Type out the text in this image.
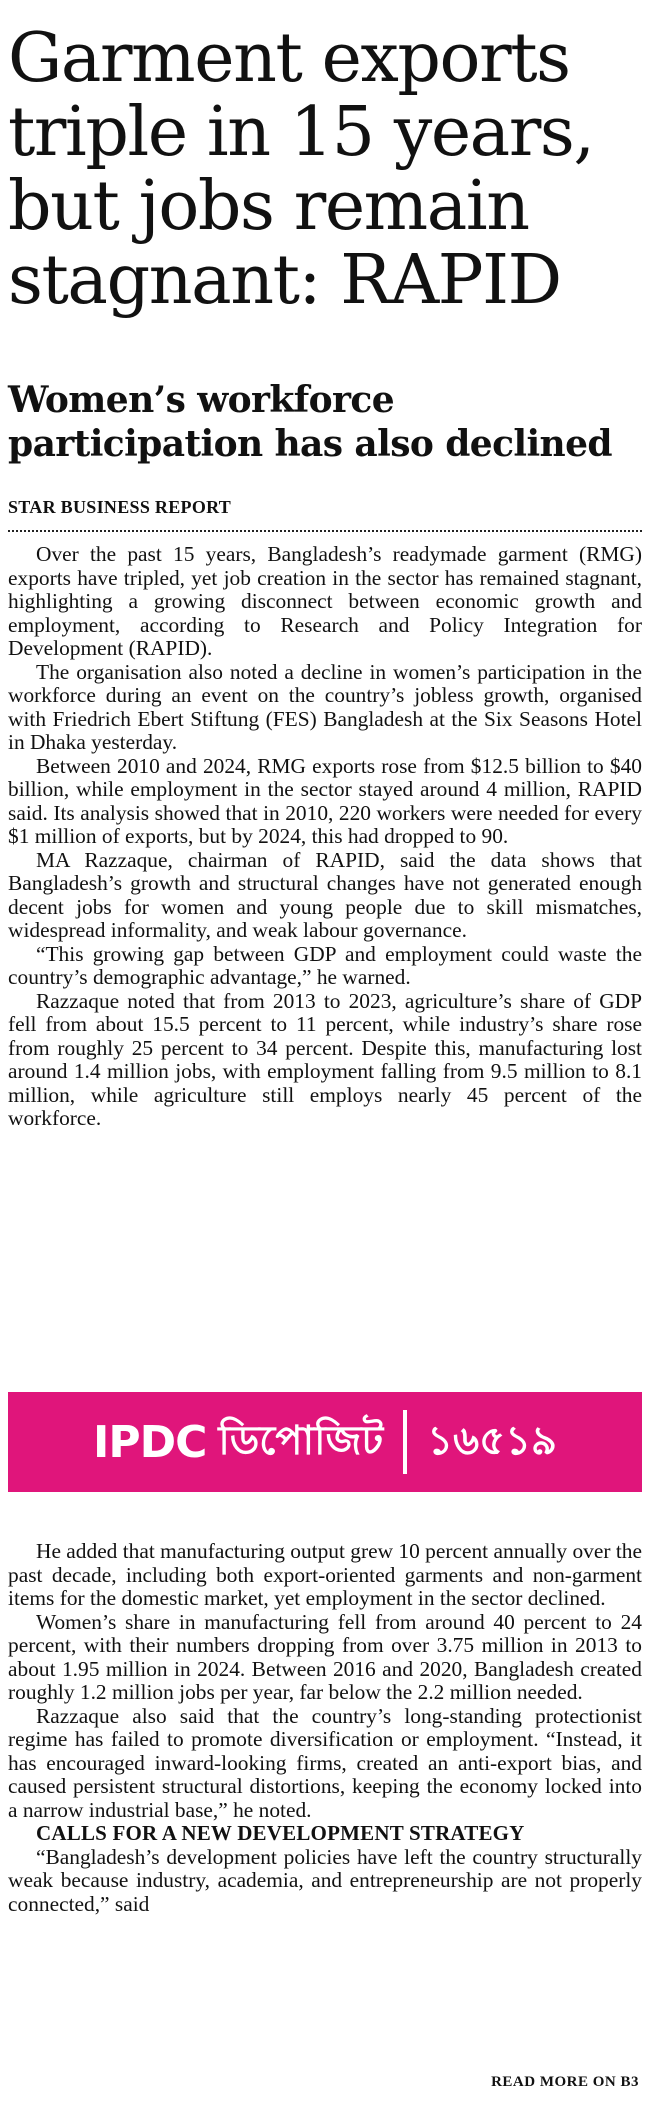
Garment exports triple in 15 years, but jobs remain stagnant: RAPID
Women’s workforce participation has also declined
STAR BUSINESS REPORT

Over the past 15 years, Bangladesh’s readymade garment (RMG) exports have tripled, yet job creation in the sector has remained stagnant, highlighting a growing disconnect between economic growth and employment, according to Research and Policy Integration for Development (RAPID).

The organisation also noted a decline in women’s participation in the workforce during an event on the country’s jobless growth, organised with Friedrich Ebert Stiftung (FES) Bangladesh at the Six Seasons Hotel in Dhaka yesterday.

Between 2010 and 2024, RMG exports rose from $12.5 billion to $40 billion, while employment in the sector stayed around 4 million, RAPID said. Its analysis showed that in 2010, 220 workers were needed for every $1 million of exports, but by 2024, this had dropped to 90.

MA Razzaque, chairman of RAPID, said the data shows that Bangladesh’s growth and structural changes have not generated enough decent jobs for women and young people due to skill mismatches, widespread informality, and weak labour governance.

“This growing gap between GDP and employment could waste the country’s demographic advantage,” he warned.

Razzaque noted that from 2013 to 2023, agriculture’s share of GDP fell from about 15.5 percent to 11 percent, while industry’s share rose from roughly 25 percent to 34 percent. Despite this, manufacturing lost around 1.4 million jobs, with employment falling from 9.5 million to 8.1 million, while agriculture still employs nearly 45 percent of the workforce.

IPDC ডিপোজিট ১৬৫১৯

He added that manufacturing output grew 10 percent annually over the past decade, including both export-oriented garments and non-garment items for the domestic market, yet employment in the sector declined.

Women’s share in manufacturing fell from around 40 percent to 24 percent, with their numbers dropping from over 3.75 million in 2013 to about 1.95 million in 2024. Between 2016 and 2020, Bangladesh created roughly 1.2 million jobs per year, far below the 2.2 million needed.

Razzaque also said that the country’s long-standing protectionist regime has failed to promote diversification or employment. “Instead, it has encouraged inward-looking firms, created an anti-export bias, and caused persistent structural distortions, keeping the economy locked into a narrow industrial base,” he noted.

CALLS FOR A NEW DEVELOPMENT STRATEGY

“Bangladesh’s development policies have left the country structurally weak because industry, academia, and entrepreneurship are not properly connected,” said

READ MORE ON B3
